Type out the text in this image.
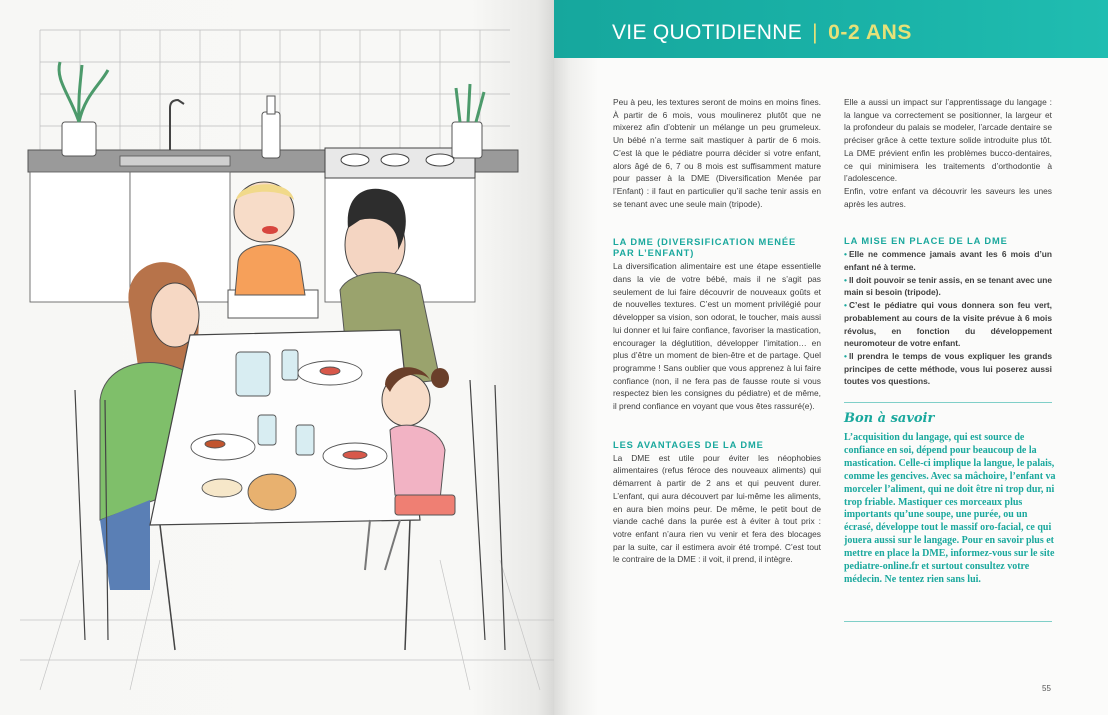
VIE QUOTIDIENNE | 0-2 ANS

Peu à peu, les textures seront de moins en moins fines. À partir de 6 mois, vous moulinerez plutôt que ne mixerez afin d’obtenir un mélange un peu grumeleux. Un bébé n’a terme sait mastiquer à partir de 6 mois. C’est là que le pédiatre pourra décider si votre enfant, alors âgé de 6, 7 ou 8 mois est suffisamment mature pour passer à la DME (Diversification Menée par l’Enfant) : il faut en particulier qu’il sache tenir assis en se tenant avec une seule main (tripode).

LA DME (DIVERSIFICATION MENÉE PAR L’ENFANT)

La diversification alimentaire est une étape essentielle dans la vie de votre bébé, mais il ne s’agit pas seulement de lui faire découvrir de nouveaux goûts et de nouvelles textures. C’est un moment privilégié pour développer sa vision, son odorat, le toucher, mais aussi lui donner et lui faire confiance, favoriser la mastication, encourager la déglutition, développer l’imitation… en plus d’être un moment de bien-être et de partage. Quel programme ! Sans oublier que vous apprenez à lui faire confiance (non, il ne fera pas de fausse route si vous respectez bien les consignes du pédiatre) et de même, il prend confiance en voyant que vous êtes rassuré(e).

LES AVANTAGES DE LA DME

La DME est utile pour éviter les néophobies alimentaires (refus féroce des nouveaux aliments) qui démarrent à partir de 2 ans et qui peuvent durer. L’enfant, qui aura découvert par lui-même les aliments, en aura bien moins peur. De même, le petit bout de viande caché dans la purée est à éviter à tout prix : votre enfant n’aura rien vu venir et fera des blocages par la suite, car il estimera avoir été trompé. C’est tout le contraire de la DME : il voit, il prend, il intègre.

Elle a aussi un impact sur l’apprentissage du langage : la langue va correctement se positionner, la largeur et la profondeur du palais se modeler, l’arcade dentaire se préciser grâce à cette texture solide introduite plus tôt. La DME prévient enfin les problèmes bucco-dentaires, ce qui minimisera les traitements d’orthodontie à l’adolescence.

Enfin, votre enfant va découvrir les saveurs les unes après les autres.

LA MISE EN PLACE DE LA DME
• Elle ne commence jamais avant les 6 mois d’un enfant né à terme.
• Il doit pouvoir se tenir assis, en se tenant avec une main si besoin (tripode).
• C’est le pédiatre qui vous donnera son feu vert, probablement au cours de la visite prévue à 6 mois révolus, en fonction du développement neuromoteur de votre enfant.
• Il prendra le temps de vous expliquer les grands principes de cette méthode, vous lui poserez aussi toutes vos questions.
Bon à savoir

L’acquisition du langage, qui est source de confiance en soi, dépend pour beaucoup de la mastication. Celle-ci implique la langue, le palais, comme les gencives. Avec sa mâchoire, l’enfant va morceler l’aliment, qui ne doit être ni trop dur, ni trop friable. Mastiquer ces morceaux plus importants qu’une soupe, une purée, ou un écrasé, développe tout le massif oro-facial, ce qui jouera aussi sur le langage. Pour en savoir plus et mettre en place la DME, informez-vous sur le site pediatre-online.fr et surtout consultez votre médecin. Ne tentez rien sans lui.

55
